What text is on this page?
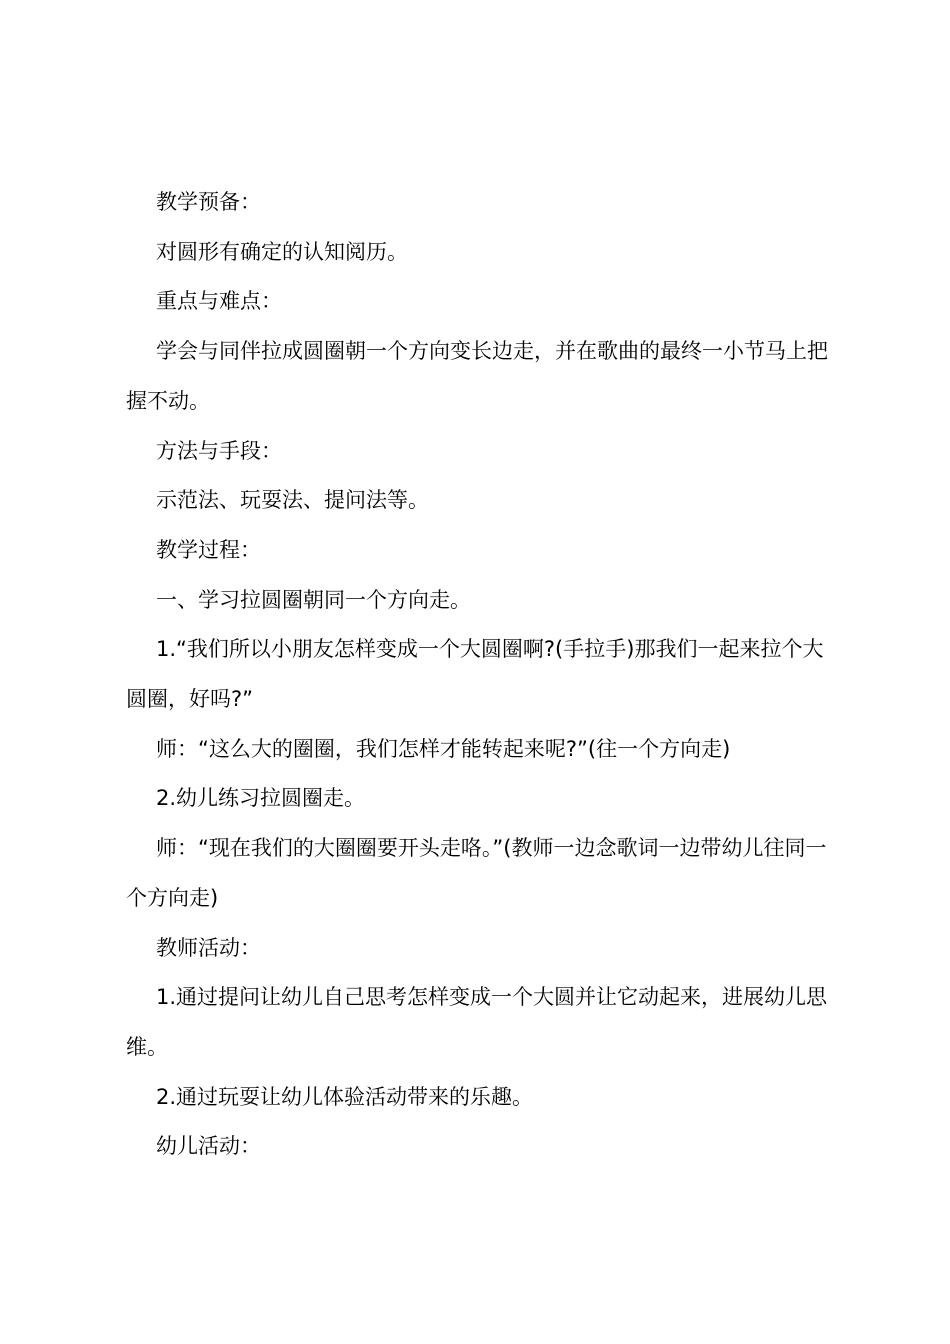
教学预备：

对圆形有确定的认知阅历。

重点与难点：

学会与同伴拉成圆圈朝一个方向变长边走，并在歌曲的最终一小节马上把握不动。

方法与手段：

示范法、玩耍法、提问法等。

教学过程：

一、学习拉圆圈朝同一个方向走。

1.“我们所以小朋友怎样变成一个大圆圈啊?(手拉手)那我们一起来拉个大圆圈，好吗?”

师：“这么大的圈圈，我们怎样才能转起来呢?”(往一个方向走)

2.幼儿练习拉圆圈走。

师：“现在我们的大圈圈要开头走咯。”(教师一边念歌词一边带幼儿往同一个方向走)

教师活动：

1.通过提问让幼儿自己思考怎样变成一个大圆并让它动起来，进展幼儿思维。

2.通过玩耍让幼儿体验活动带来的乐趣。

幼儿活动：
